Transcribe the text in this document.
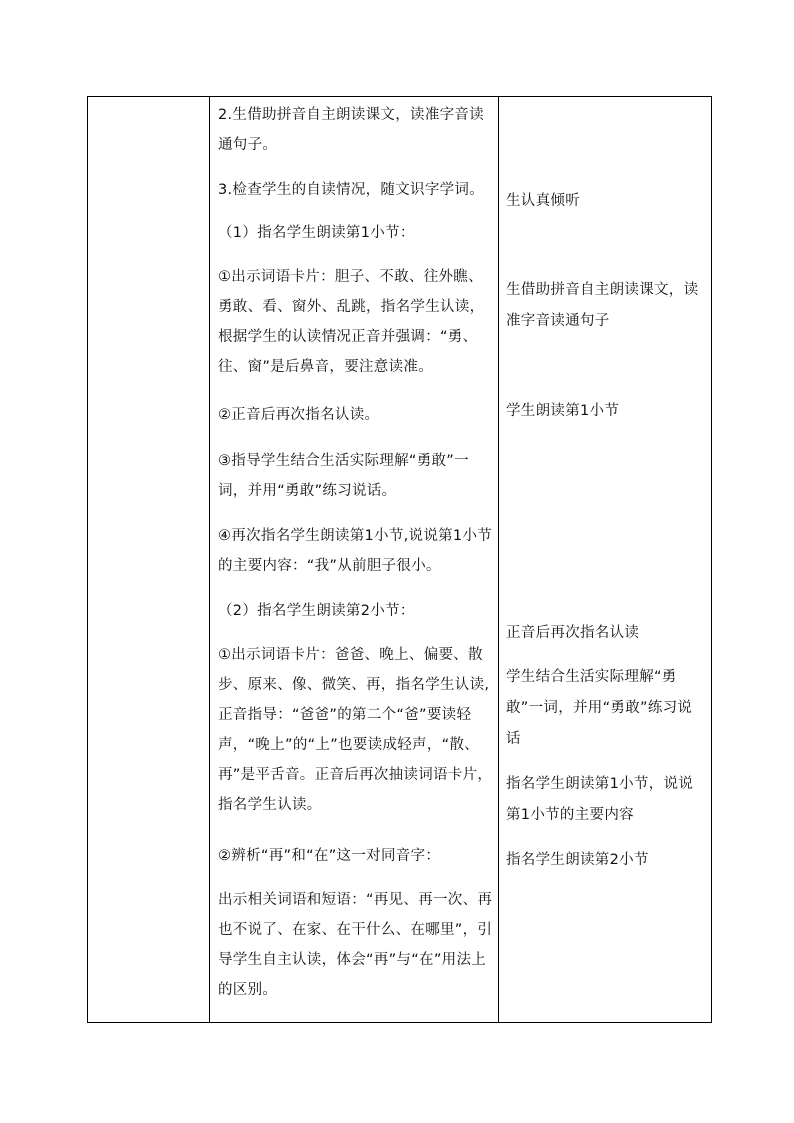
2.生借助拼音自主朗读课文，读准字音读通句子。

3.检查学生的自读情况，随文识字学词。

（1）指名学生朗读第1小节：

①出示词语卡片：胆子、不敢、往外瞧、勇敢、看、窗外、乱跳，指名学生认读，根据学生的认读情况正音并强调：“勇、往、窗”是后鼻音，要注意读准。

②正音后再次指名认读。

③指导学生结合生活实际理解“勇敢”一词，并用“勇敢”练习说话。

④再次指名学生朗读第1小节,说说第1小节的主要内容：“我”从前胆子很小。

（2）指名学生朗读第2小节：

①出示词语卡片：爸爸、晚上、偏要、散步、原来、像、微笑、再，指名学生认读,正音指导：“爸爸”的第二个“爸”要读轻声，“晚上”的“上”也要读成轻声，“散、再”是平舌音。正音后再次抽读词语卡片，指名学生认读。

②辨析“再”和“在”这一对同音字：

出示相关词语和短语：“再见、再一次、再也不说了、在家、在干什么、在哪里”，引导学生自主认读，体会“再”与“在”用法上的区别。

生认真倾听

生借助拼音自主朗读课文，读准字音读通句子

学生朗读第1小节

正音后再次指名认读

学生结合生活实际理解“勇敢”一词，并用“勇敢”练习说话

指名学生朗读第1小节，说说第1小节的主要内容

指名学生朗读第2小节
